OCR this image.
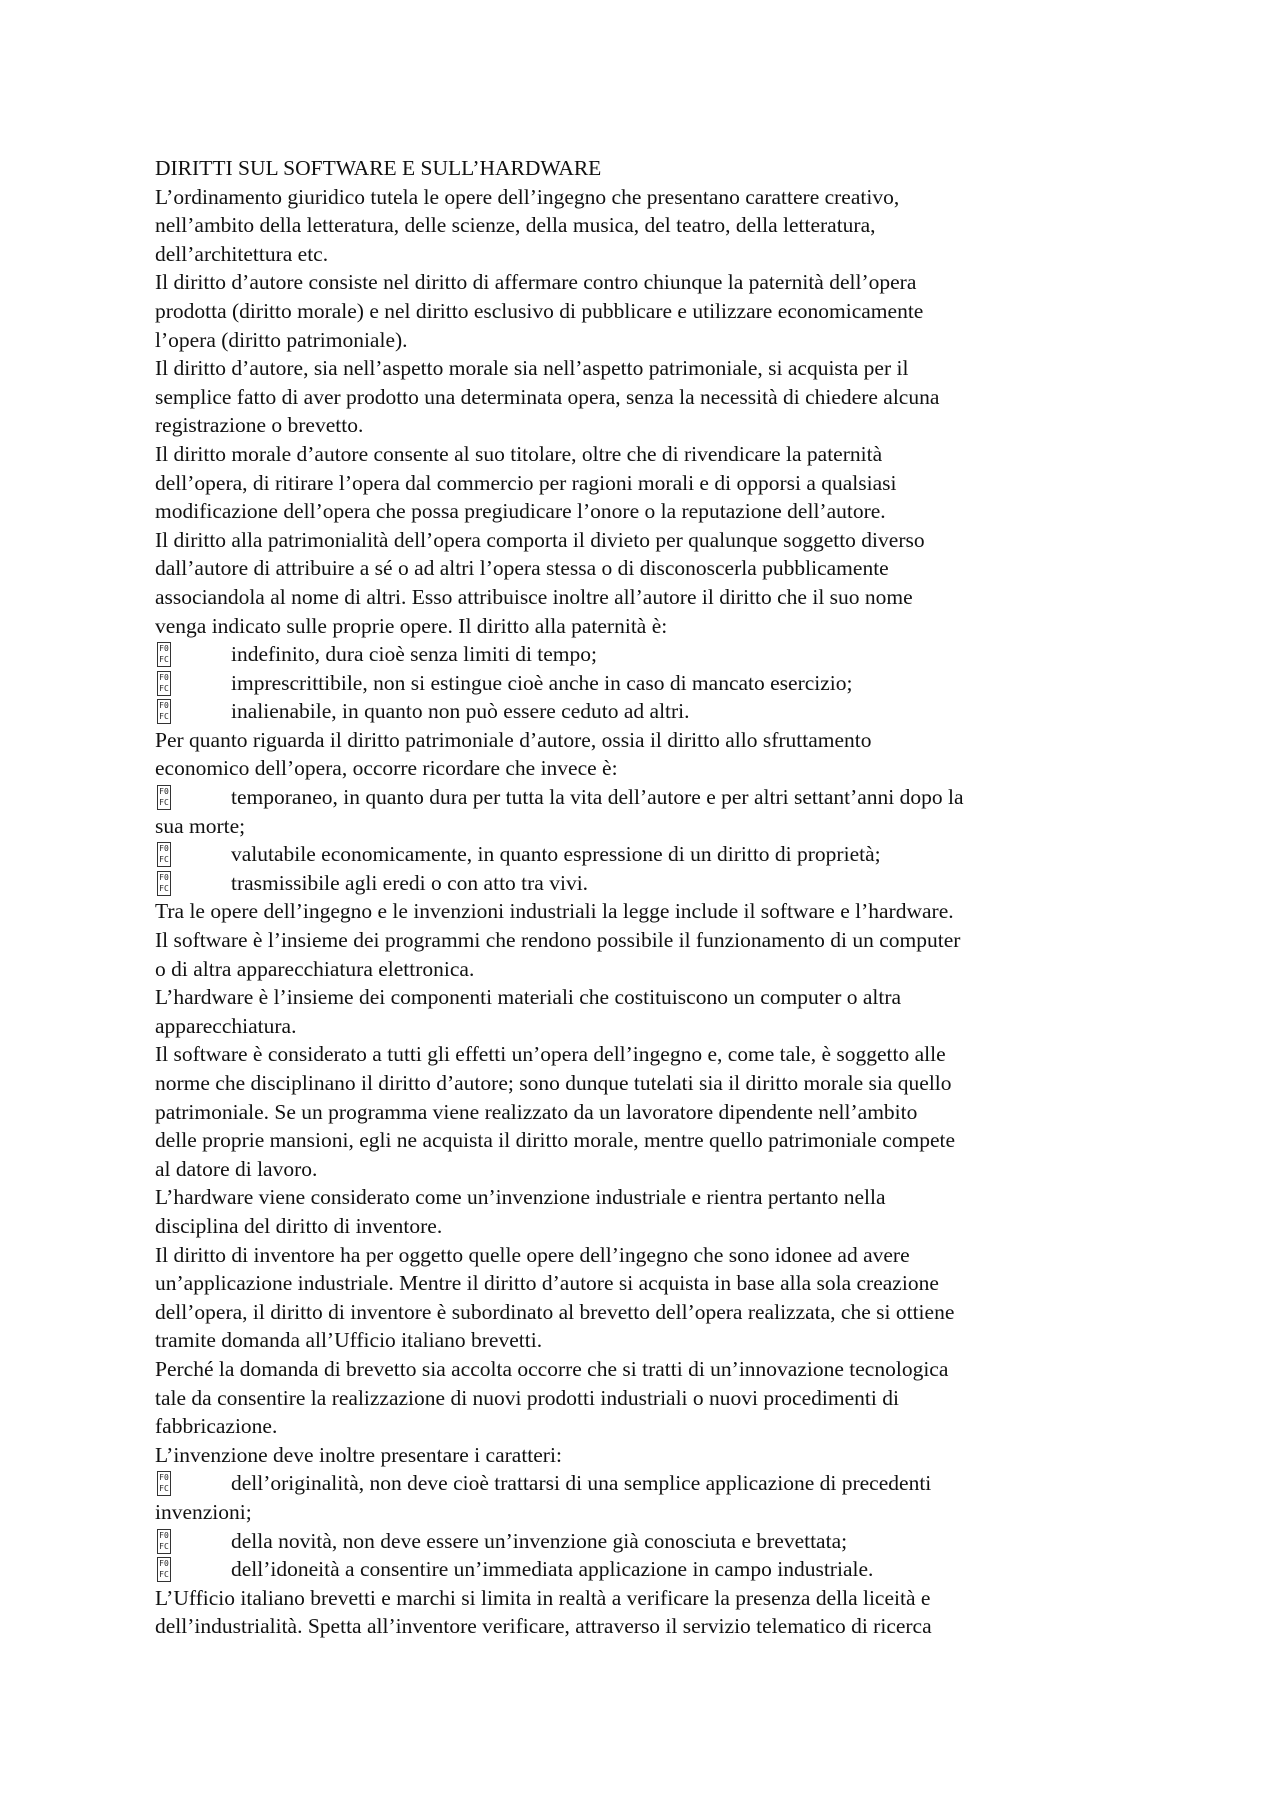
DIRITTI SUL SOFTWARE E SULL’HARDWARE
L’ordinamento giuridico tutela le opere dell’ingegno che presentano carattere creativo,
nell’ambito della letteratura, delle scienze, della musica, del teatro, della letteratura,
dell’architettura etc.
Il diritto d’autore consiste nel diritto di affermare contro chiunque la paternità dell’opera
prodotta (diritto morale) e nel diritto esclusivo di pubblicare e utilizzare economicamente
l’opera (diritto patrimoniale).
Il diritto d’autore, sia nell’aspetto morale sia nell’aspetto patrimoniale, si acquista per il
semplice fatto di aver prodotto una determinata opera, senza la necessità di chiedere alcuna
registrazione o brevetto.
Il diritto morale d’autore consente al suo titolare, oltre che di rivendicare la paternità
dell’opera, di ritirare l’opera dal commercio per ragioni morali e di opporsi a qualsiasi
modificazione dell’opera che possa pregiudicare l’onore o la reputazione dell’autore.
Il diritto alla patrimonialità dell’opera comporta il divieto per qualunque soggetto diverso
dall’autore di attribuire a sé o ad altri l’opera stessa o di disconoscerla pubblicamente
associandola al nome di altri. Esso attribuisce inoltre all’autore il diritto che il suo nome
venga indicato sulle proprie opere. Il diritto alla paternità è:
F0
FC	indefinito, dura cioè senza limiti di tempo;
F0
FC	imprescrittibile, non si estingue cioè anche in caso di mancato esercizio;
F0
FC	inalienabile, in quanto non può essere ceduto ad altri.
Per quanto riguarda il diritto patrimoniale d’autore, ossia il diritto allo sfruttamento
economico dell’opera, occorre ricordare che invece è:
F0
FC	temporaneo, in quanto dura per tutta la vita dell’autore e per altri settant’anni dopo la
sua morte;
F0
FC	valutabile economicamente, in quanto espressione di un diritto di proprietà;
F0
FC	trasmissibile agli eredi o con atto tra vivi.
Tra le opere dell’ingegno e le invenzioni industriali la legge include il software e l’hardware.
Il software è l’insieme dei programmi che rendono possibile il funzionamento di un computer
o di altra apparecchiatura elettronica.
L’hardware è l’insieme dei componenti materiali che costituiscono un computer o altra
apparecchiatura.
Il software è considerato a tutti gli effetti un’opera dell’ingegno e, come tale, è soggetto alle
norme che disciplinano il diritto d’autore; sono dunque tutelati sia il diritto morale sia quello
patrimoniale. Se un programma viene realizzato da un lavoratore dipendente nell’ambito
delle proprie mansioni, egli ne acquista il diritto morale, mentre quello patrimoniale compete
al datore di lavoro.
L’hardware viene considerato come un’invenzione industriale e rientra pertanto nella
disciplina del diritto di inventore.
Il diritto di inventore ha per oggetto quelle opere dell’ingegno che sono idonee ad avere
un’applicazione industriale. Mentre il diritto d’autore si acquista in base alla sola creazione
dell’opera, il diritto di inventore è subordinato al brevetto dell’opera realizzata, che si ottiene
tramite domanda all’Ufficio italiano brevetti.
Perché la domanda di brevetto sia accolta occorre che si tratti di un’innovazione tecnologica
tale da consentire la realizzazione di nuovi prodotti industriali o nuovi procedimenti di
fabbricazione.
L’invenzione deve inoltre presentare i caratteri:
F0
FC	dell’originalità, non deve cioè trattarsi di una semplice applicazione di precedenti
invenzioni;
F0
FC	della novità, non deve essere un’invenzione già conosciuta e brevettata;
F0
FC	dell’idoneità a consentire un’immediata applicazione in campo industriale.
L’Ufficio italiano brevetti e marchi si limita in realtà a verificare la presenza della liceità e
dell’industrialità. Spetta all’inventore verificare, attraverso il servizio telematico di ricerca
